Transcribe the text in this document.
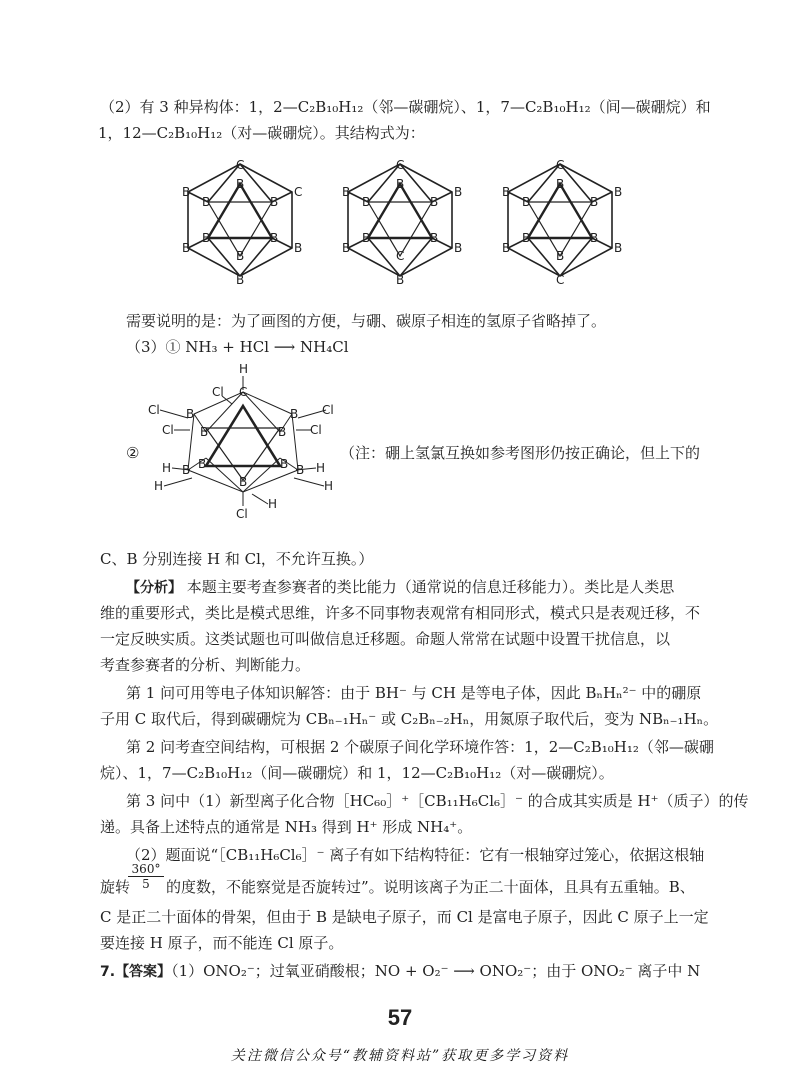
（2）有 3 种异构体：1，2—C₂B₁₀H₁₂（邻—碳硼烷）、1，7—C₂B₁₀H₁₂（间—碳硼烷）和
1，12—C₂B₁₀H₁₂（对—碳硼烷）。其结构式为：
C
B
B
C
B	B
B	B
B	B
B
B
C
B
B
B
B	B
B	B
B	B
C
B
C
B
B
B
B	B
B	B
B	B
B
C
需要说明的是：为了画图的方便，与硼、碳原子相连的氢原子省略掉了。
（3）① NH₃ + HCl ⟶ NH₄Cl
H
C
Cl
Cl	Cl
Cl	Cl
B	B
B	B
H	H
H	H
B	B
B	B
B
H
Cl
②	（注：硼上氢氯互换如参考图形仍按正确论，但上下的
C、B 分别连接 H 和 Cl，不允许互换。）
【分析】 本题主要考查参赛者的类比能力（通常说的信息迁移能力）。类比是人类思
维的重要形式，类比是模式思维，许多不同事物表观常有相同形式，模式只是表观迁移，不
一定反映实质。这类试题也可叫做信息迁移题。命题人常常在试题中设置干扰信息，以
考查参赛者的分析、判断能力。
第 1 问可用等电子体知识解答：由于 BH⁻ 与 CH 是等电子体，因此 BₙHₙ²⁻ 中的硼原
子用 C 取代后，得到碳硼烷为 CBₙ₋₁Hₙ⁻ 或 C₂Bₙ₋₂Hₙ，用氮原子取代后，变为 NBₙ₋₁Hₙ。
第 2 问考查空间结构，可根据 2 个碳原子间化学环境作答：1，2—C₂B₁₀H₁₂（邻—碳硼
烷）、1，7—C₂B₁₀H₁₂（间—碳硼烷）和 1，12—C₂B₁₀H₁₂（对—碳硼烷）。
第 3 问中（1）新型离子化合物［HC₆₀］⁺［CB₁₁H₆Cl₆］⁻ 的合成其实质是 H⁺（质子）的传
递。具备上述特点的通常是 NH₃ 得到 H⁺ 形成 NH₄⁺。
（2）题面说“［CB₁₁H₆Cl₆］⁻ 离子有如下结构特征：它有一根轴穿过笼心，依据这根轴
旋转 的度数，不能察觉是否旋转过”。说明该离子为正二十面体，且具有五重轴。B、
$\frac{360^\circ}{5}$
C 是正二十面体的骨架，但由于 B 是缺电子原子，而 Cl 是富电子原子，因此 C 原子上一定
要连接 H 原子，而不能连 Cl 原子。
7.【答案】（1）ONO₂⁻；过氧亚硝酸根；NO + O₂⁻ ⟶ ONO₂⁻；由于 ONO₂⁻ 离子中 N
57
关注微信公众号“教辅资料站”获取更多学习资料
